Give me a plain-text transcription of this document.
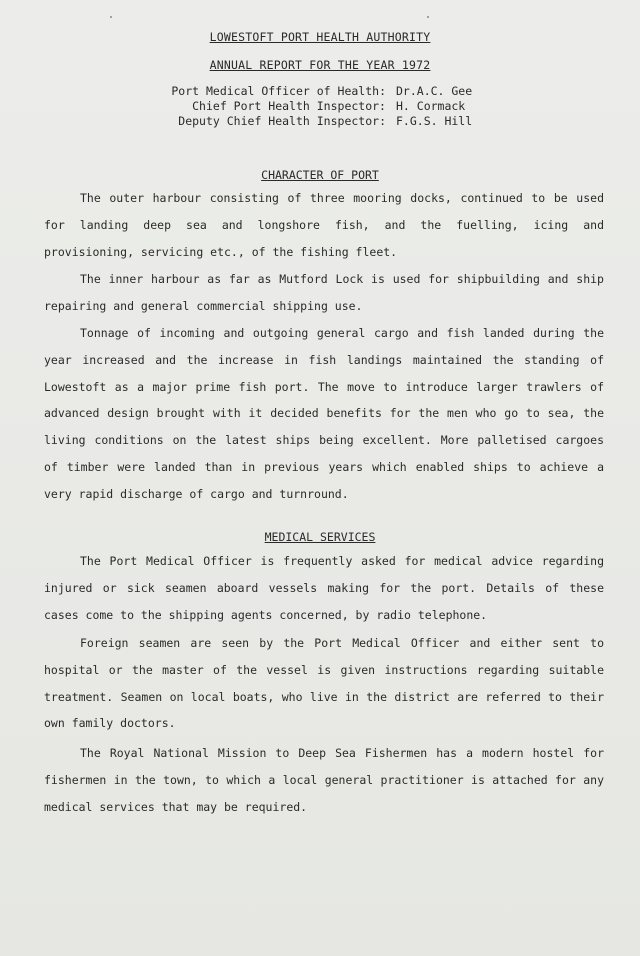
LOWESTOFT PORT HEALTH AUTHORITY
ANNUAL REPORT FOR THE YEAR 1972
Port Medical Officer of Health: Dr.A.C. Gee
Chief Port Health Inspector: H. Cormack
Deputy Chief Health Inspector: F.G.S. Hill
CHARACTER OF PORT

The outer harbour consisting of three mooring docks, continued to be used for landing deep sea and longshore fish, and the fuelling, icing and provisioning, servicing etc., of the fishing fleet.

The inner harbour as far as Mutford Lock is used for shipbuilding and ship repairing and general commercial shipping use.

Tonnage of incoming and outgoing general cargo and fish landed during the year increased and the increase in fish landings maintained the standing of Lowestoft as a major prime fish port. The move to introduce larger trawlers of advanced design brought with it decided benefits for the men who go to sea, the living conditions on the latest ships being excellent. More palletised cargoes of timber were landed than in previous years which enabled ships to achieve a very rapid discharge of cargo and turnround.

MEDICAL SERVICES

The Port Medical Officer is frequently asked for medical advice regarding injured or sick seamen aboard vessels making for the port. Details of these cases come to the shipping agents concerned, by radio telephone.

Foreign seamen are seen by the Port Medical Officer and either sent to hospital or the master of the vessel is given instructions regarding suitable treatment. Seamen on local boats, who live in the district are referred to their own family doctors.

The Royal National Mission to Deep Sea Fishermen has a modern hostel for fishermen in the town, to which a local general practitioner is attached for any medical services that may be required.
